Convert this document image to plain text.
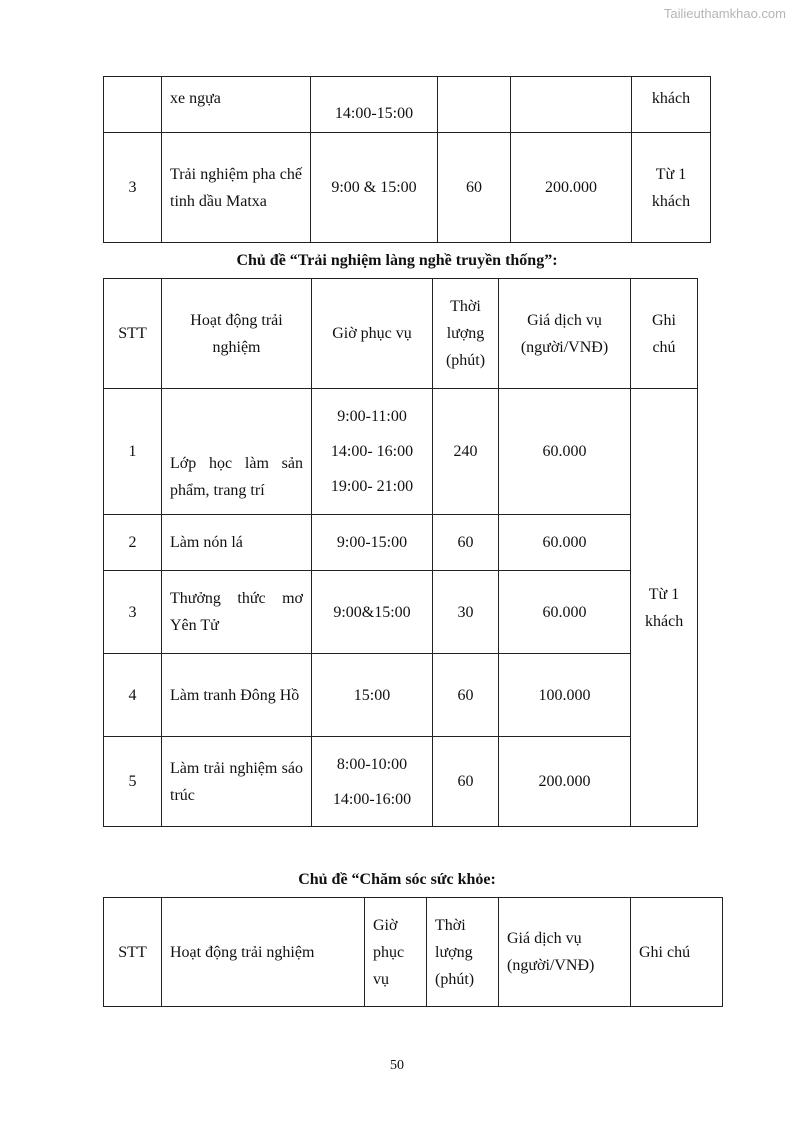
Tailieuthamkhao.com
	xe ngựa	14:00-15:00			khách
3	Trải nghiệm pha chế tinh dầu Matxa	9:00 & 15:00	60	200.000	Từ 1 khách
Chủ đề “Trải nghiệm làng nghề truyền thống”:
STT	Hoạt động trải nghiệm	Giờ phục vụ	Thời lượng (phút)	Giá dịch vụ (người/VNĐ)	Ghi chú
1	Lớp học làm sản phẩm, trang trí	9:00-11:00
14:00- 16:00
19:00- 21:00	240	60.000	Từ 1 khách
2	Làm nón lá	9:00-15:00	60	60.000	
3	Thưởng thức mơ Yên Tử	9:00&15:00	30	60.000	
4	Làm tranh Đông Hồ	15:00	60	100.000	
5	Làm trải nghiệm sáo trúc	8:00-10:00
14:00-16:00	60	200.000	
Chủ đề “Chăm sóc sức khỏe:
STT	Hoạt động trải nghiệm	Giờ phục vụ	Thời lượng (phút)	Giá dịch vụ (người/VNĐ)	Ghi chú
50
